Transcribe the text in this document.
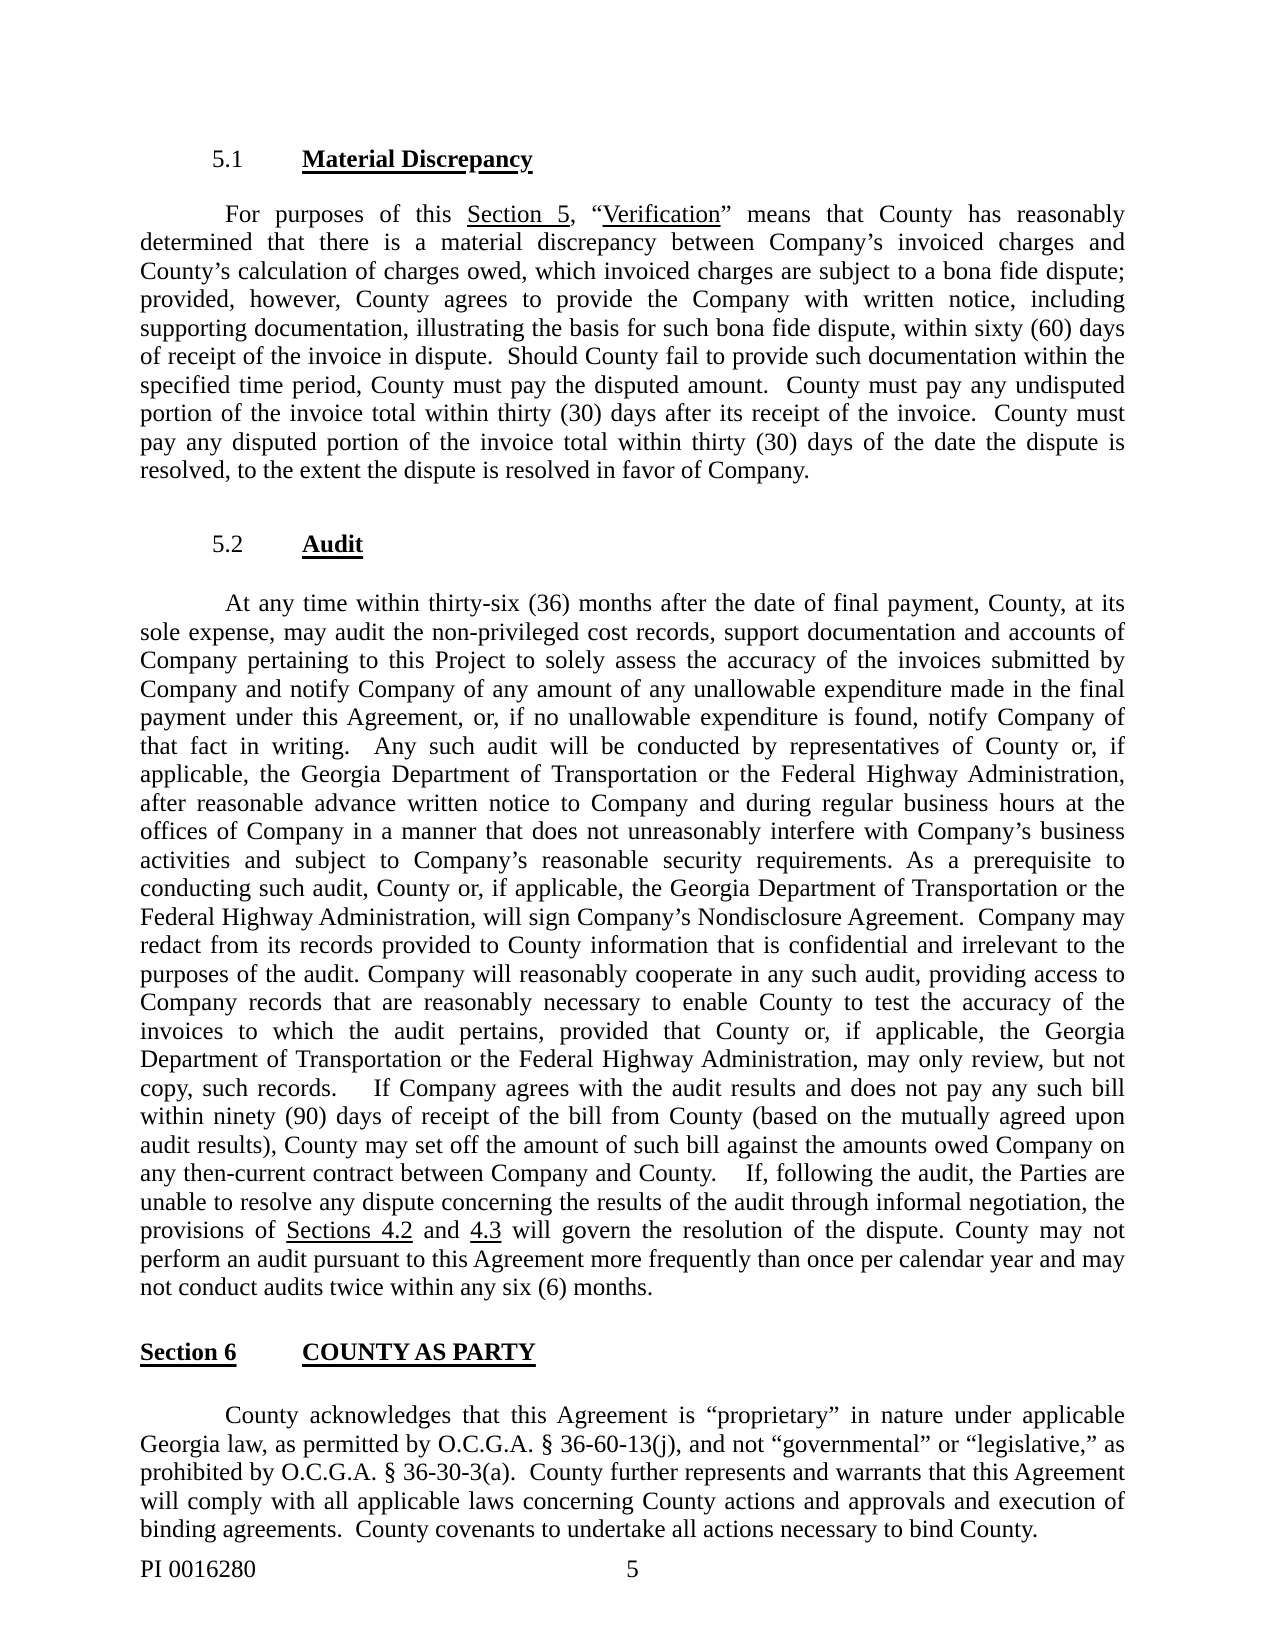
5.1 Material Discrepancy

For purposes of this Section 5, “Verification” means that County has reasonably determined that there is a material discrepancy between Company’s invoiced charges and County’s calculation of charges owed, which invoiced charges are subject to a bona fide dispute; provided, however, County agrees to provide the Company with written notice, including supporting documentation, illustrating the basis for such bona fide dispute, within sixty (60) days of receipt of the invoice in dispute.  Should County fail to provide such documentation within the specified time period, County must pay the disputed amount.  County must pay any undisputed portion of the invoice total within thirty (30) days after its receipt of the invoice.  County must pay any disputed portion of the invoice total within thirty (30) days of the date the dispute is resolved, to the extent the dispute is resolved in favor of Company.

5.2 Audit

At any time within thirty-six (36) months after the date of final payment, County, at its sole expense, may audit the non-privileged cost records, support documentation and accounts of Company pertaining to this Project to solely assess the accuracy of the invoices submitted by Company and notify Company of any amount of any unallowable expenditure made in the final payment under this Agreement, or, if no unallowable expenditure is found, notify Company of that fact in writing.  Any such audit will be conducted by representatives of County or, if applicable, the Georgia Department of Transportation or the Federal Highway Administration, after reasonable advance written notice to Company and during regular business hours at the offices of Company in a manner that does not unreasonably interfere with Company’s business activities and subject to Company’s reasonable security requirements. As a prerequisite to conducting such audit, County or, if applicable, the Georgia Department of Transportation or the Federal Highway Administration, will sign Company’s Nondisclosure Agreement.  Company may redact from its records provided to County information that is confidential and irrelevant to the purposes of the audit. Company will reasonably cooperate in any such audit, providing access to Company records that are reasonably necessary to enable County to test the accuracy of the invoices to which the audit pertains, provided that County or, if applicable, the Georgia Department of Transportation or the Federal Highway Administration, may only review, but not copy, such records.    If Company agrees with the audit results and does not pay any such bill within ninety (90) days of receipt of the bill from County (based on the mutually agreed upon audit results), County may set off the amount of such bill against the amounts owed Company on any then-current contract between Company and County.    If, following the audit, the Parties are unable to resolve any dispute concerning the results of the audit through informal negotiation, the provisions of Sections 4.2 and 4.3 will govern the resolution of the dispute. County may not perform an audit pursuant to this Agreement more frequently than once per calendar year and may not conduct audits twice within any six (6) months.

Section 6	COUNTY AS PARTY

County acknowledges that this Agreement is “proprietary” in nature under applicable Georgia law, as permitted by O.C.G.A. § 36-60-13(j), and not “governmental” or “legislative,” as prohibited by O.C.G.A. § 36-30-3(a).  County further represents and warrants that this Agreement will comply with all applicable laws concerning County actions and approvals and execution of binding agreements.  County covenants to undertake all actions necessary to bind County.

PI 0016280	5
